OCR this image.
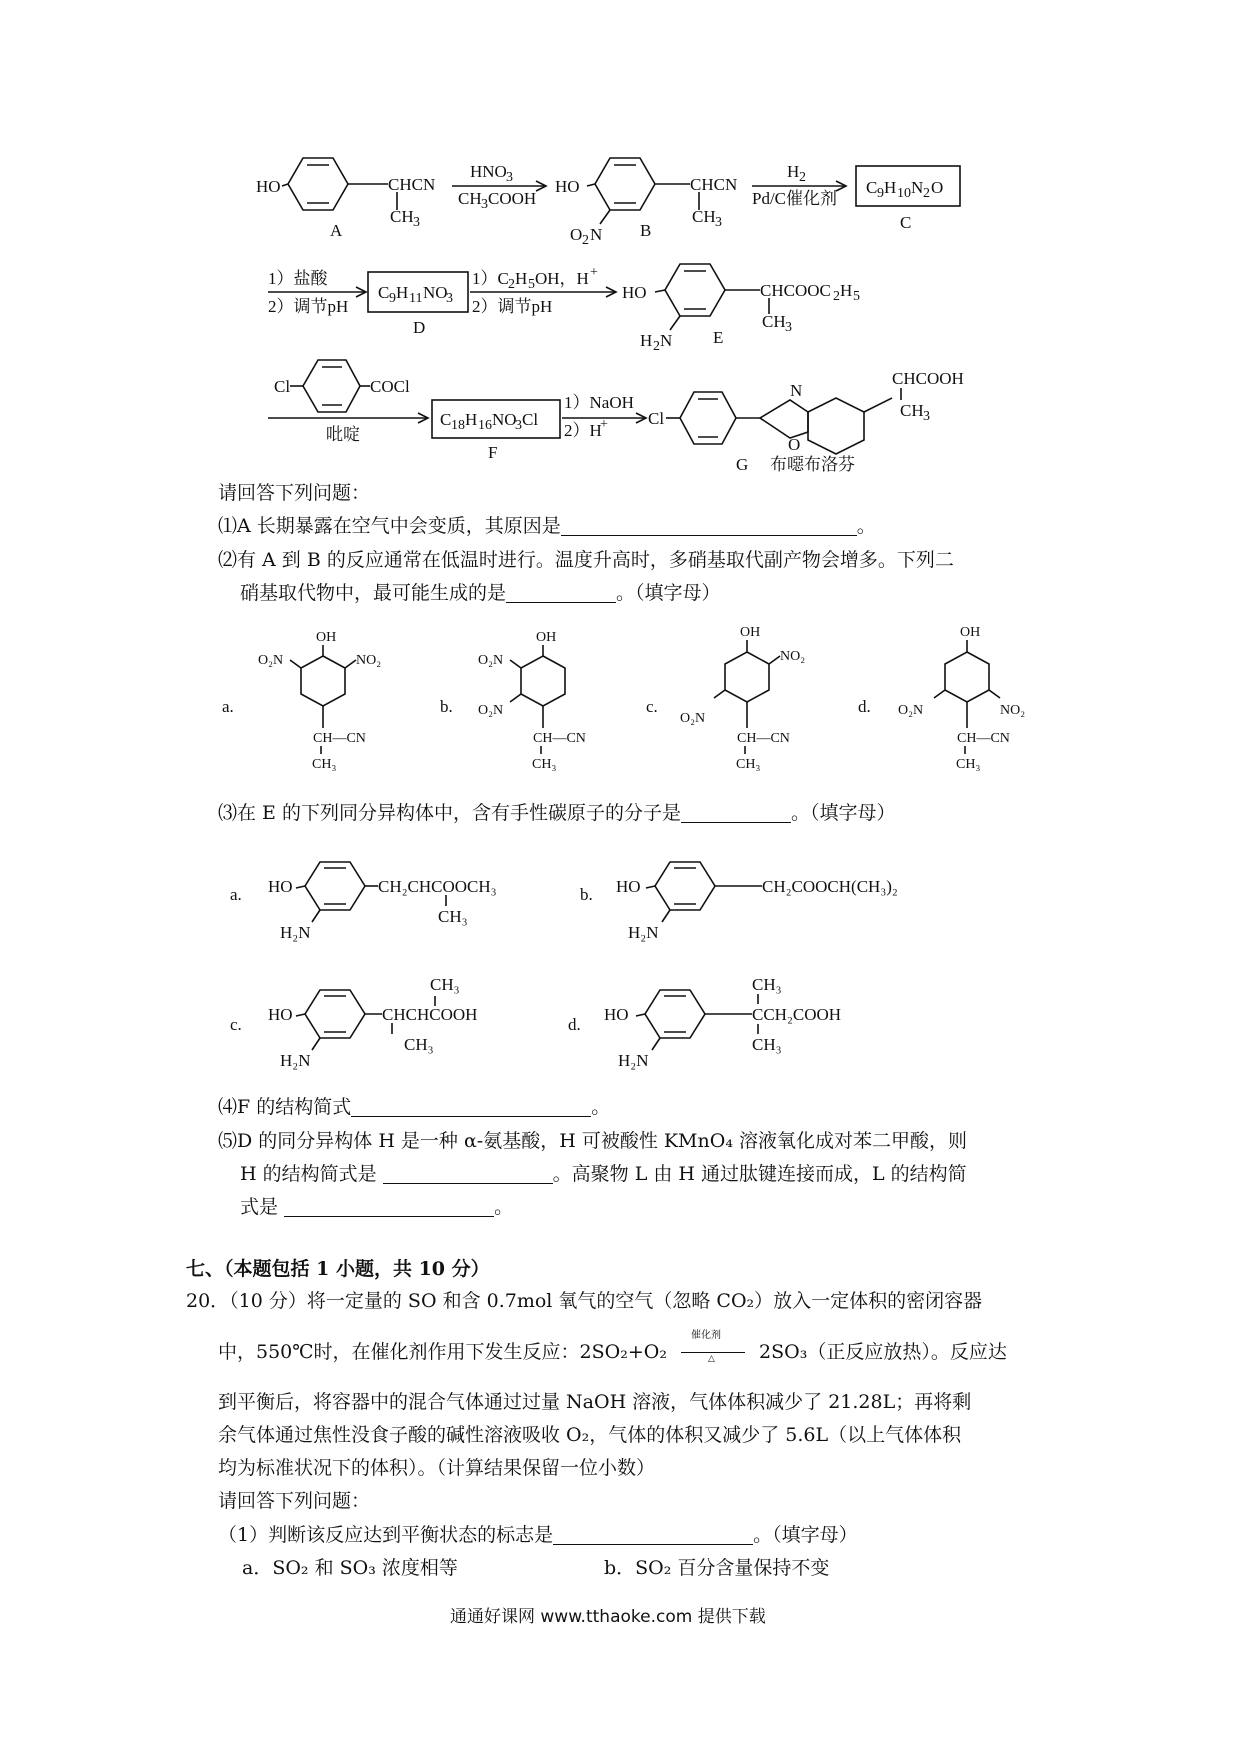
HO	CHCN
CH 3
A
HNO 3
CH 3 COOH
HO
O 2 N
CHCN
CH 3
B
H 2
Pd/C催化剂
C 9 H 10 N 2 O
C
1）盐酸
2）调节pH
C 9 H 11 NO
3
D
1）C 2 H 5 OH，H +
2）调节pH
HO
H 2 N
CHCOOC 2 H 5
CH 3
E
Cl	COCl
吡啶
C 18 H 16 NO
3 Cl
F
1）NaOH
2）H
+ Cl
N
O
CHCOOH
CH 3
G 布噁布洛芬
请回答下列问题：
⑴A 长期暴露在空气中会变质，其原因是	。
⑵有 A 到 B 的反应通常在低温时进行。温度升高时，多硝基取代副产物会增多。下列二
硝基取代物中，最可能生成的是	。（填字母）
a.
OH
O₂N	NO₂
CH—CN
CH₃
b.
OH
O₂N
O₂N
CH—CN
CH₃
c.
OH
NO₂
O₂N
CH—CN
CH₃
d.
OH
O₂N	NO₂
CH—CN
CH₃
⑶在 E 的下列同分异构体中，含有手性碳原子的分子是	。（填字母）
a. HO
H₂N
CH₂CHCOOCH₃
CH₃
b. HO
H₂N
CH₂COOCH(CH₃)₂
c.
HO
H₂N
CHCHCOOH
CH₃
CH₃
d.
HO
H₂N
CCH₂COOH
CH₃
CH₃
⑷F 的结构简式	。
⑸D 的同分异构体 H 是一种 α-氨基酸，H 可被酸性 KMnO₄ 溶液氧化成对苯二甲酸，则
H 的结构简式是	。高聚物 L 由 H 通过肽键连接而成，L 的结构简
式是	。
七、（本题包括 1 小题，共 10 分）
20．（10 分）将一定量的 SO 和含 0.7mol 氧气的空气（忽略 CO₂）放入一定体积的密闭容器
中，550℃时，在催化剂作用下发生反应：2SO₂+O₂
催化剂
△ 2SO₃（正反应放热）。反应达
到平衡后，将容器中的混合气体通过过量 NaOH 溶液，气体体积减少了 21.28L；再将剩
余气体通过焦性没食子酸的碱性溶液吸收 O₂，气体的体积又减少了 5.6L（以上气体体积
均为标准状况下的体积）。（计算结果保留一位小数）
请回答下列问题：
（1）判断该反应达到平衡状态的标志是	。（填字母）
a．SO₂ 和 SO₃ 浓度相等	b．SO₂ 百分含量保持不变
通通好课网 www.tthaoke.com 提供下载
